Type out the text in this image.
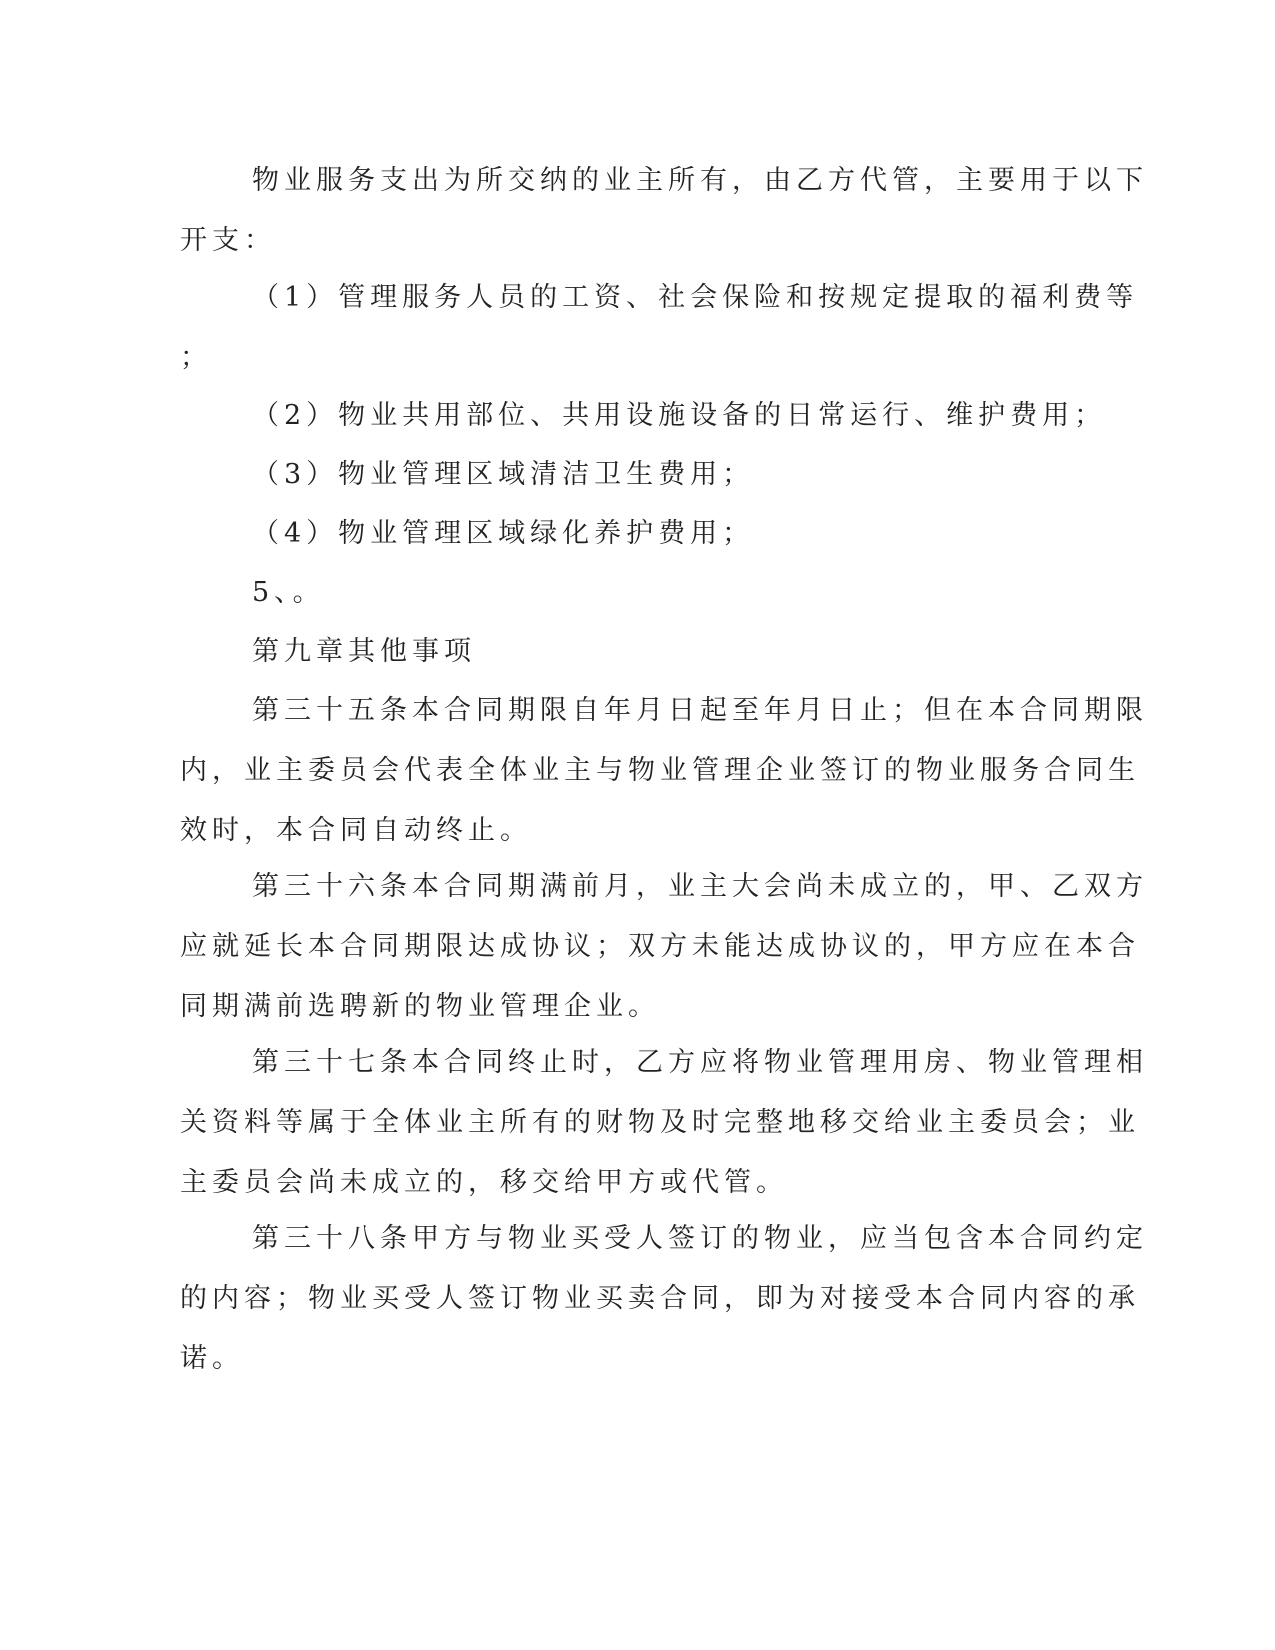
物业服务支出为所交纳的业主所有，由乙方代管，主要用于以下
开支：

（1）管理服务人员的工资、社会保险和按规定提取的福利费等
；

（2）物业共用部位、共用设施设备的日常运行、维护费用；

（3）物业管理区域清洁卫生费用；

（4）物业管理区域绿化养护费用；

5、。

第九章其他事项

第三十五条本合同期限自年月日起至年月日止；但在本合同期限
内，业主委员会代表全体业主与物业管理企业签订的物业服务合同生
效时，本合同自动终止。

第三十六条本合同期满前月，业主大会尚未成立的，甲、乙双方
应就延长本合同期限达成协议；双方未能达成协议的，甲方应在本合
同期满前选聘新的物业管理企业。

第三十七条本合同终止时，乙方应将物业管理用房、物业管理相
关资料等属于全体业主所有的财物及时完整地移交给业主委员会；业
主委员会尚未成立的，移交给甲方或代管。

第三十八条甲方与物业买受人签订的物业，应当包含本合同约定
的内容；物业买受人签订物业买卖合同，即为对接受本合同内容的承
诺。
